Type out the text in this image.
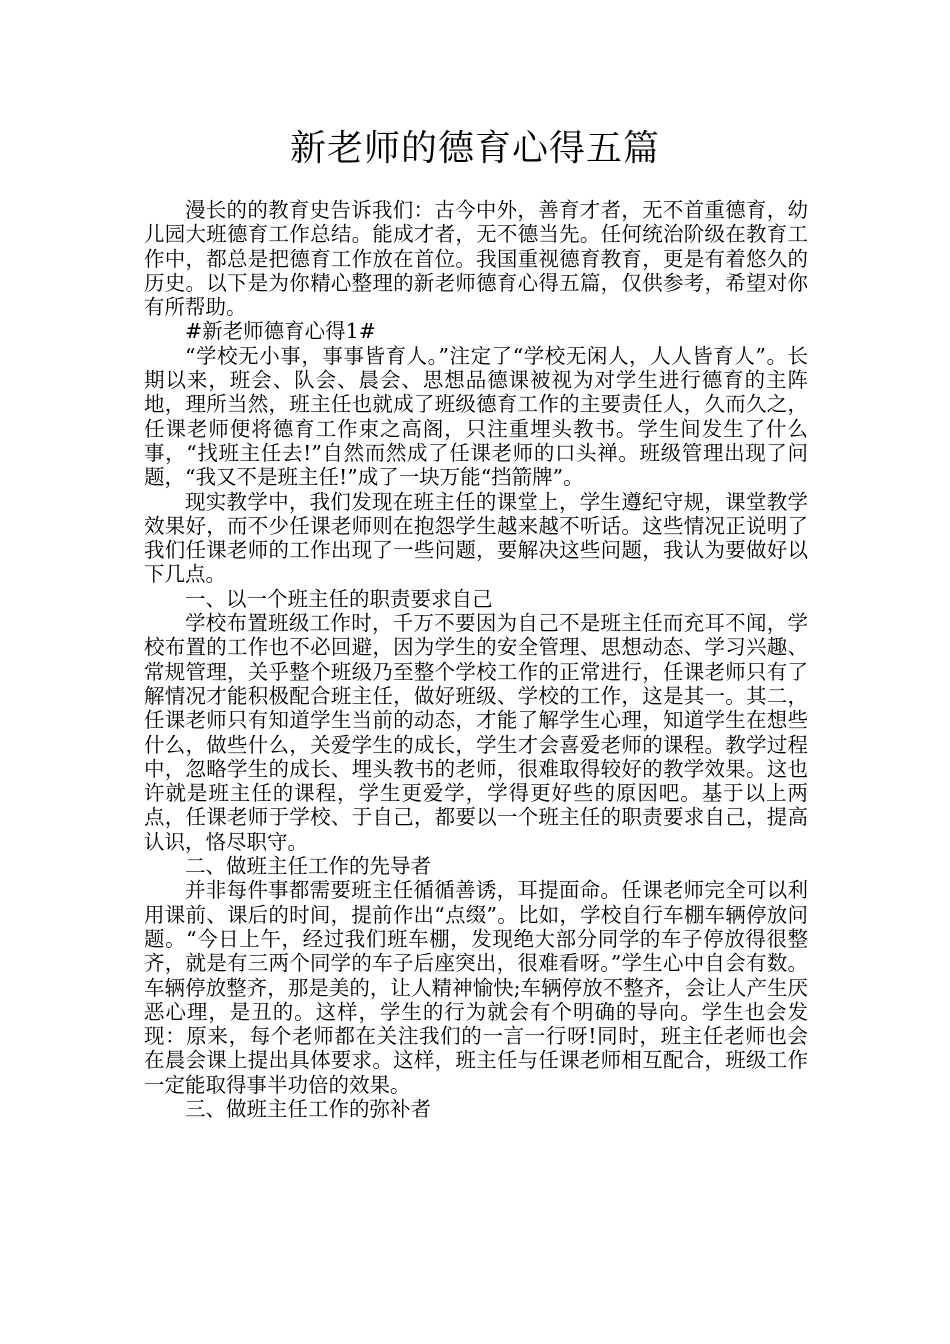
新老师的德育心得五篇

漫长的的教育史告诉我们：古今中外，善育才者，无不首重德育，幼儿园大班德育工作总结。能成才者，无不德当先。任何统治阶级在教育工作中，都总是把德育工作放在首位。我国重视德育教育，更是有着悠久的历史。以下是为你精心整理的新老师德育心得五篇，仅供参考，希望对你有所帮助。

#新老师德育心得1#

“学校无小事，事事皆育人。”注定了“学校无闲人，人人皆育人”。长期以来，班会、队会、晨会、思想品德课被视为对学生进行德育的主阵地，理所当然，班主任也就成了班级德育工作的主要责任人，久而久之，任课老师便将德育工作束之高阁，只注重埋头教书。学生间发生了什么事，“找班主任去!”自然而然成了任课老师的口头禅。班级管理出现了问题，“我又不是班主任!”成了一块万能“挡箭牌”。

现实教学中，我们发现在班主任的课堂上，学生遵纪守规，课堂教学效果好，而不少任课老师则在抱怨学生越来越不听话。这些情况正说明了我们任课老师的工作出现了一些问题，要解决这些问题，我认为要做好以下几点。

一、以一个班主任的职责要求自己

学校布置班级工作时，千万不要因为自己不是班主任而充耳不闻，学校布置的工作也不必回避，因为学生的安全管理、思想动态、学习兴趣、常规管理，关乎整个班级乃至整个学校工作的正常进行，任课老师只有了解情况才能积极配合班主任，做好班级、学校的工作，这是其一。其二，任课老师只有知道学生当前的动态，才能了解学生心理，知道学生在想些什么，做些什么，关爱学生的成长，学生才会喜爱老师的课程。教学过程中，忽略学生的成长、埋头教书的老师，很难取得较好的教学效果。这也许就是班主任的课程，学生更爱学，学得更好些的原因吧。基于以上两点，任课老师于学校、于自己，都要以一个班主任的职责要求自己，提高认识，恪尽职守。

二、做班主任工作的先导者

并非每件事都需要班主任循循善诱，耳提面命。任课老师完全可以利用课前、课后的时间，提前作出“点缀”。比如，学校自行车棚车辆停放问题。“今日上午，经过我们班车棚，发现绝大部分同学的车子停放得很整齐，就是有三两个同学的车子后座突出，很难看呀。”学生心中自会有数。车辆停放整齐，那是美的，让人精神愉快;车辆停放不整齐，会让人产生厌恶心理，是丑的。这样，学生的行为就会有个明确的导向。学生也会发现：原来，每个老师都在关注我们的一言一行呀!同时，班主任老师也会在晨会课上提出具体要求。这样，班主任与任课老师相互配合，班级工作一定能取得事半功倍的效果。

三、做班主任工作的弥补者
